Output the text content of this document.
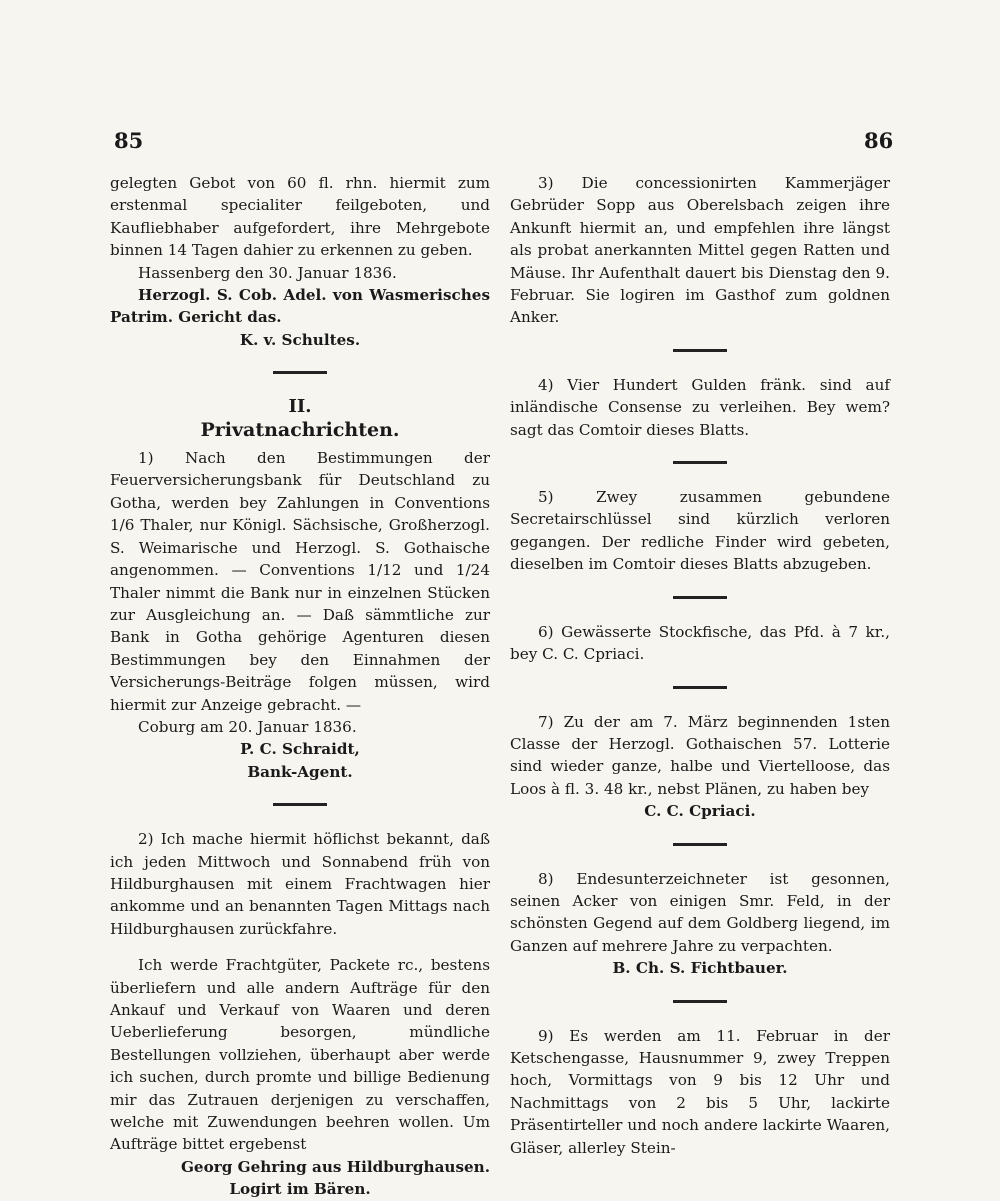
85	86

gelegten Gebot von 60 fl. rhn. hiermit zum erstenmal specialiter feilgeboten, und Kaufliebhaber aufgefordert, ihre Mehrgebote binnen 14 Tagen dahier zu erkennen zu geben.

Hassenberg den 30. Januar 1836.

Herzogl. S. Cob. Adel. von Wasmerisches Patrim. Gericht das.

K. v. Schultes.

II.
Privatnachrichten.

1) Nach den Bestimmungen der Feuerversicherungsbank für Deutschland zu Gotha, werden bey Zahlungen in Conventions 1/6 Thaler, nur Königl. Sächsische, Großherzogl. S. Weimarische und Herzogl. S. Gothaische angenommen. — Conventions 1/12 und 1/24 Thaler nimmt die Bank nur in einzelnen Stücken zur Ausgleichung an. — Daß sämmtliche zur Bank in Gotha gehörige Agenturen diesen Bestimmungen bey den Einnahmen der Versicherungs-Beiträge folgen müssen, wird hiermit zur Anzeige gebracht. —

Coburg am 20. Januar 1836.

P. C. Schraidt,

Bank-Agent.

2) Ich mache hiermit höflichst bekannt, daß ich jeden Mittwoch und Sonnabend früh von Hildburghausen mit einem Frachtwagen hier ankomme und an benannten Tagen Mittags nach Hildburghausen zurückfahre.

Ich werde Frachtgüter, Packete rc., bestens überliefern und alle andern Aufträge für den Ankauf und Verkauf von Waaren und deren Ueberlieferung besorgen, mündliche Bestellungen vollziehen, überhaupt aber werde ich suchen, durch promte und billige Bedienung mir das Zutrauen derjenigen zu verschaffen, welche mit Zuwendungen beehren wollen. Um Aufträge bittet ergebenst

Georg Gehring aus Hildburghausen.

Logirt im Bären.

3) Die concessionirten Kammerjäger Gebrüder Sopp aus Oberelsbach zeigen ihre Ankunft hiermit an, und empfehlen ihre längst als probat anerkannten Mittel gegen Ratten und Mäuse. Ihr Aufenthalt dauert bis Dienstag den 9. Februar. Sie logiren im Gasthof zum goldnen Anker.

4) Vier Hundert Gulden fränk. sind auf inländische Consense zu verleihen. Bey wem? sagt das Comtoir dieses Blatts.

5) Zwey zusammen gebundene Secretairschlüssel sind kürzlich verloren gegangen. Der redliche Finder wird gebeten, dieselben im Comtoir dieses Blatts abzugeben.

6) Gewässerte Stockfische, das Pfd. à 7 kr., bey C. C. Cpriaci.

7) Zu der am 7. März beginnenden 1sten Classe der Herzogl. Gothaischen 57. Lotterie sind wieder ganze, halbe und Viertelloose, das Loos à fl. 3. 48 kr., nebst Plänen, zu haben bey

C. C. Cpriaci.

8) Endesunterzeichneter ist gesonnen, seinen Acker von einigen Smr. Feld, in der schönsten Gegend auf dem Goldberg liegend, im Ganzen auf mehrere Jahre zu verpachten.

B. Ch. S. Fichtbauer.

9) Es werden am 11. Februar in der Ketschengasse, Hausnummer 9, zwey Treppen hoch, Vormittags von 9 bis 12 Uhr und Nachmittags von 2 bis 5 Uhr, lackirte Präsentirteller und noch andere lackirte Waaren, Gläser, allerley Stein-
